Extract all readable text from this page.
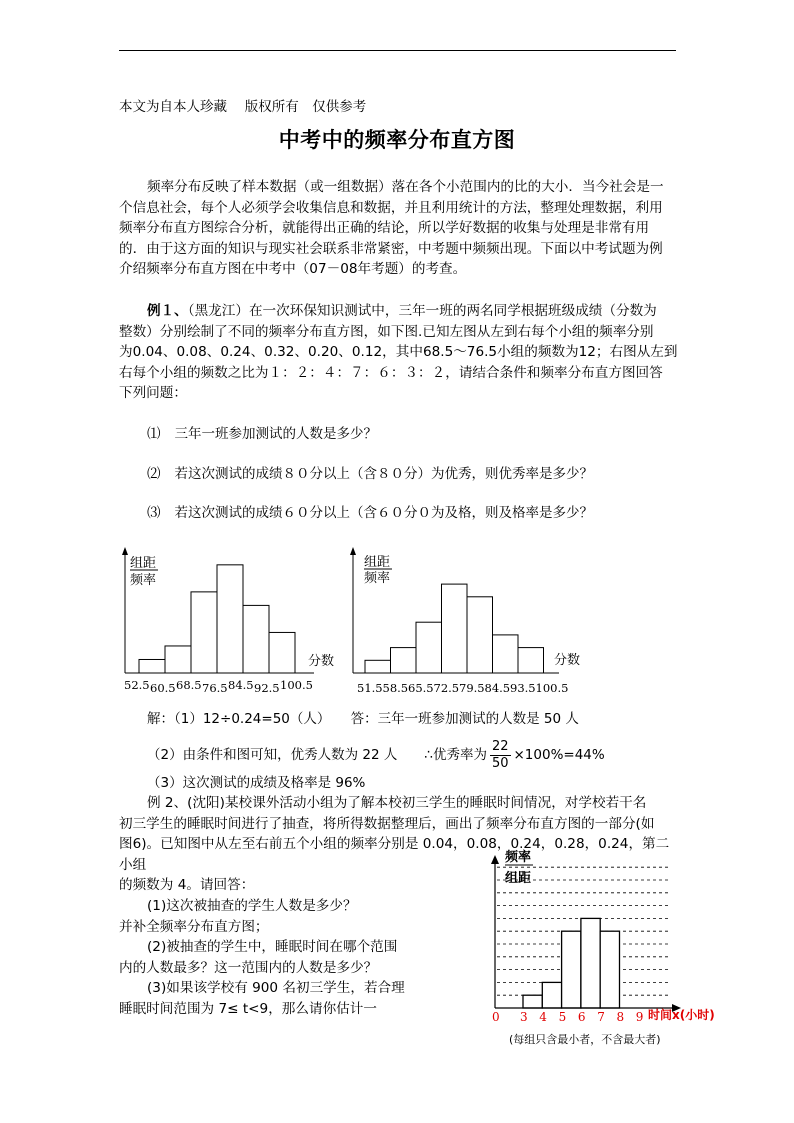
本文为自本人珍藏　 版权所有　仅供参考
中考中的频率分布直方图
频率分布反映了样本数据（或一组数据）落在各个小范围内的比的大小．当今社会是一
个信息社会，每个人必须学会收集信息和数据，并且利用统计的方法，整理处理数据，利用
频率分布直方图综合分析，就能得出正确的结论，所以学好数据的收集与处理是非常有用
的．由于这方面的知识与现实社会联系非常紧密，中考题中频频出现。下面以中考试题为例
介绍频率分布直方图在中考中（07－08年考题）的考查。
例１、（黑龙江）在一次环保知识测试中，三年一班的两名同学根据班级成绩（分数为
整数）分别绘制了不同的频率分布直方图，如下图.已知左图从左到右每个小组的频率分别
为0.04、0.08、0.24、0.32、0.20、0.12，其中68.5～76.5小组的频数为12；右图从左到
右每个小组的频数之比为１：２：４：７：６：３：２，请结合条件和频率分布直方图回答
下列问题：
⑴ 三年一班参加测试的人数是多少？
⑵ 若这次测试的成绩８０分以上（含８０分）为优秀，则优秀率是多少？
⑶ 若这次测试的成绩６０分以上（含６０分０为及格，则及格率是多少？
组距
频率
分数
52.5 60.5 68.5 76.5 84.5 92.5 100.5
组距
频率
分数
51.5 58.5 65.5 72.5 79.5 84.5 93.5 100.5
解：（1）12÷0.24=50（人）　　答：三年一班参加测试的人数是 50 人
（2）由条件和图可知，优秀人数为 22 人　　∴优秀率为 $\frac{22}{50} \times 100\%=44\%$
（3）这次测试的成绩及格率是 96%
例 2、(沈阳)某校课外活动小组为了解本校初三学生的睡眠时间情况，对学校若干名
初三学生的睡眠时间进行了抽查，将所得数据整理后，画出了频率分布直方图的一部分(如
图6)。已知图中从左至右前五个小组的频率分别是 0.04，0.08，0.24，0.28，0.24，第二
小组
的频数为 4。请回答：
(1)这次被抽查的学生人数是多少？
并补全频率分布直方图；
(2)被抽查的学生中，睡眠时间在哪个范围
内的人数最多？这一范围内的人数是多少？
(3)如果该学校有 900 名初三学生，若合理
睡眠时间范围为 7≤ t<9，那么请你估计一
频率
组距
时间x(小时)
0 3 4 5 6 7 8 9
(每组只含最小者，不含最大者)
